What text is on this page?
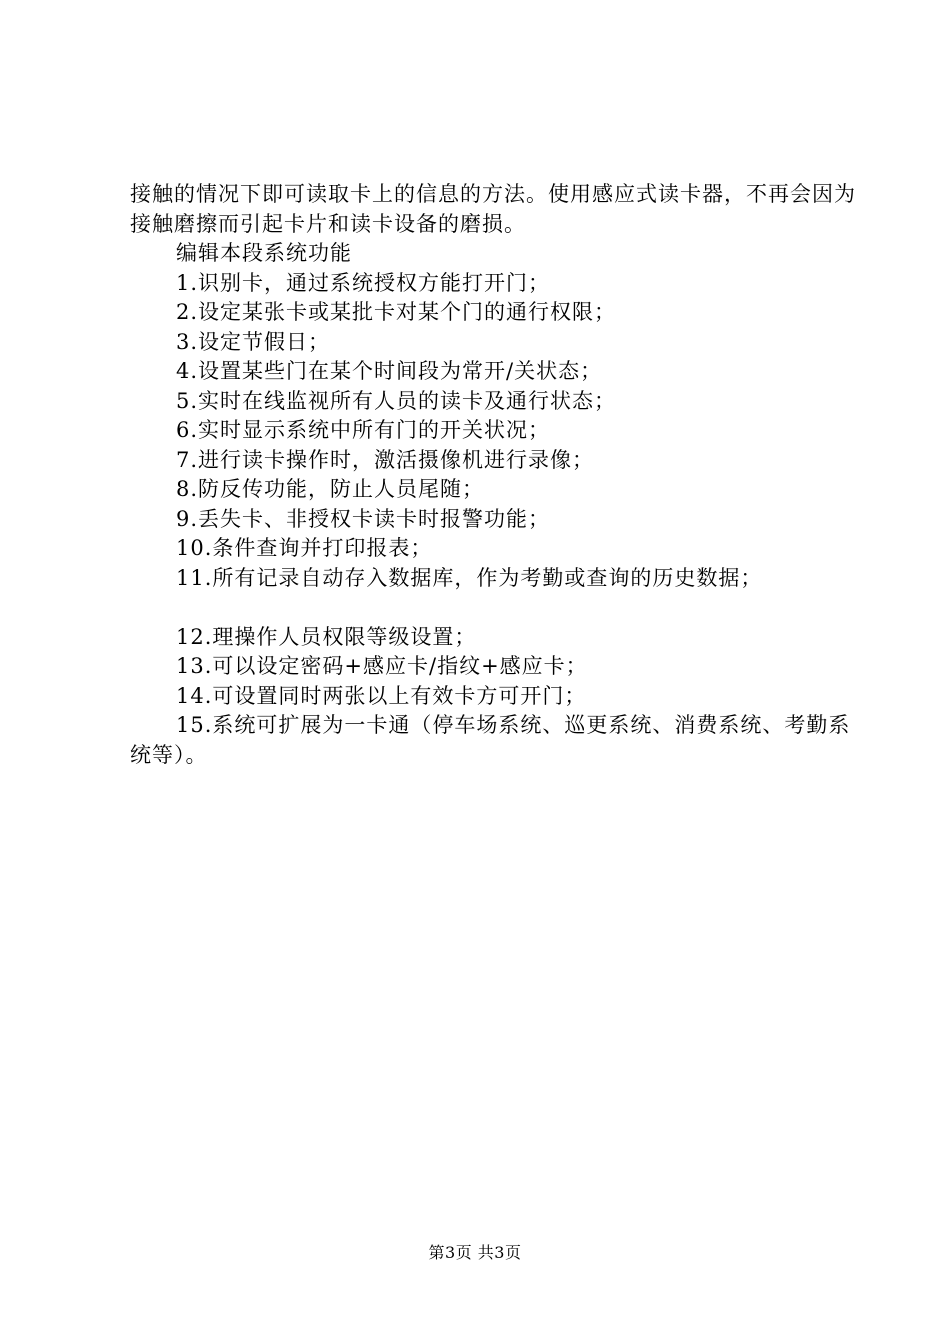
接触的情况下即可读取卡上的信息的方法。使用感应式读卡器，不再会因为接触磨擦而引起卡片和读卡设备的磨损。

编辑本段系统功能

1.识别卡，通过系统授权方能打开门；

2.设定某张卡或某批卡对某个门的通行权限；

3.设定节假日；

4.设置某些门在某个时间段为常开/关状态；

5.实时在线监视所有人员的读卡及通行状态；

6.实时显示系统中所有门的开关状况；

7.进行读卡操作时，激活摄像机进行录像；

8.防反传功能，防止人员尾随；

9.丢失卡、非授权卡读卡时报警功能；

10.条件查询并打印报表；

11.所有记录自动存入数据库，作为考勤或查询的历史数据；

12.理操作人员权限等级设置；

13.可以设定密码+感应卡/指纹+感应卡；

14.可设置同时两张以上有效卡方可开门；

15.系统可扩展为一卡通（停车场系统、巡更系统、消费系统、考勤系统等）。

第3页 共3页
